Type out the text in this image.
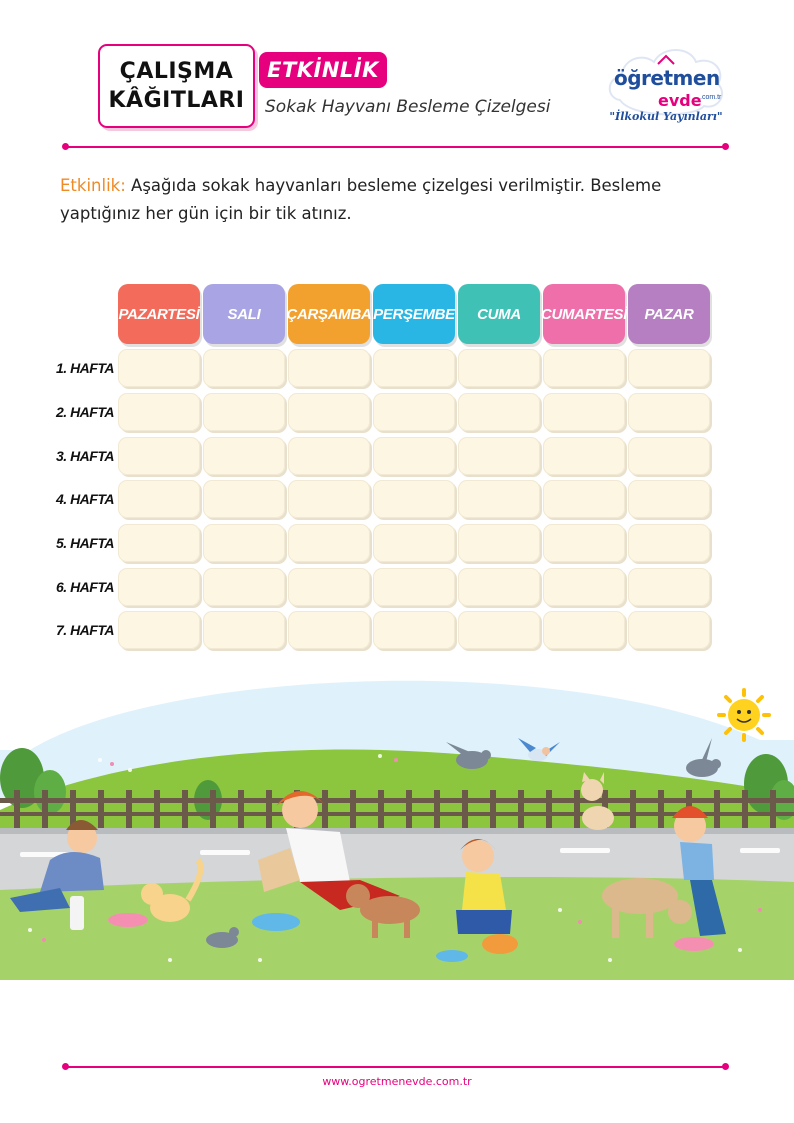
ÇALIŞMA
KÂĞITLARI
ETKİNLİK
Sokak Hayvanı Besleme Çizelgesi
öğretmen
evde
.com.tr
"İlkokul Yayınları"
Etkinlik: Aşağıda sokak hayvanları besleme çizelgesi verilmiştir. Besleme yaptığınız her gün için bir tik atınız.
PAZARTESİ	SALI	ÇARŞAMBA PERŞEMBE	CUMA	CUMARTESİ	PAZAR
1. HAFTA
2. HAFTA
3. HAFTA
4. HAFTA
5. HAFTA
6. HAFTA
7. HAFTA
www.ogretmenevde.com.tr
